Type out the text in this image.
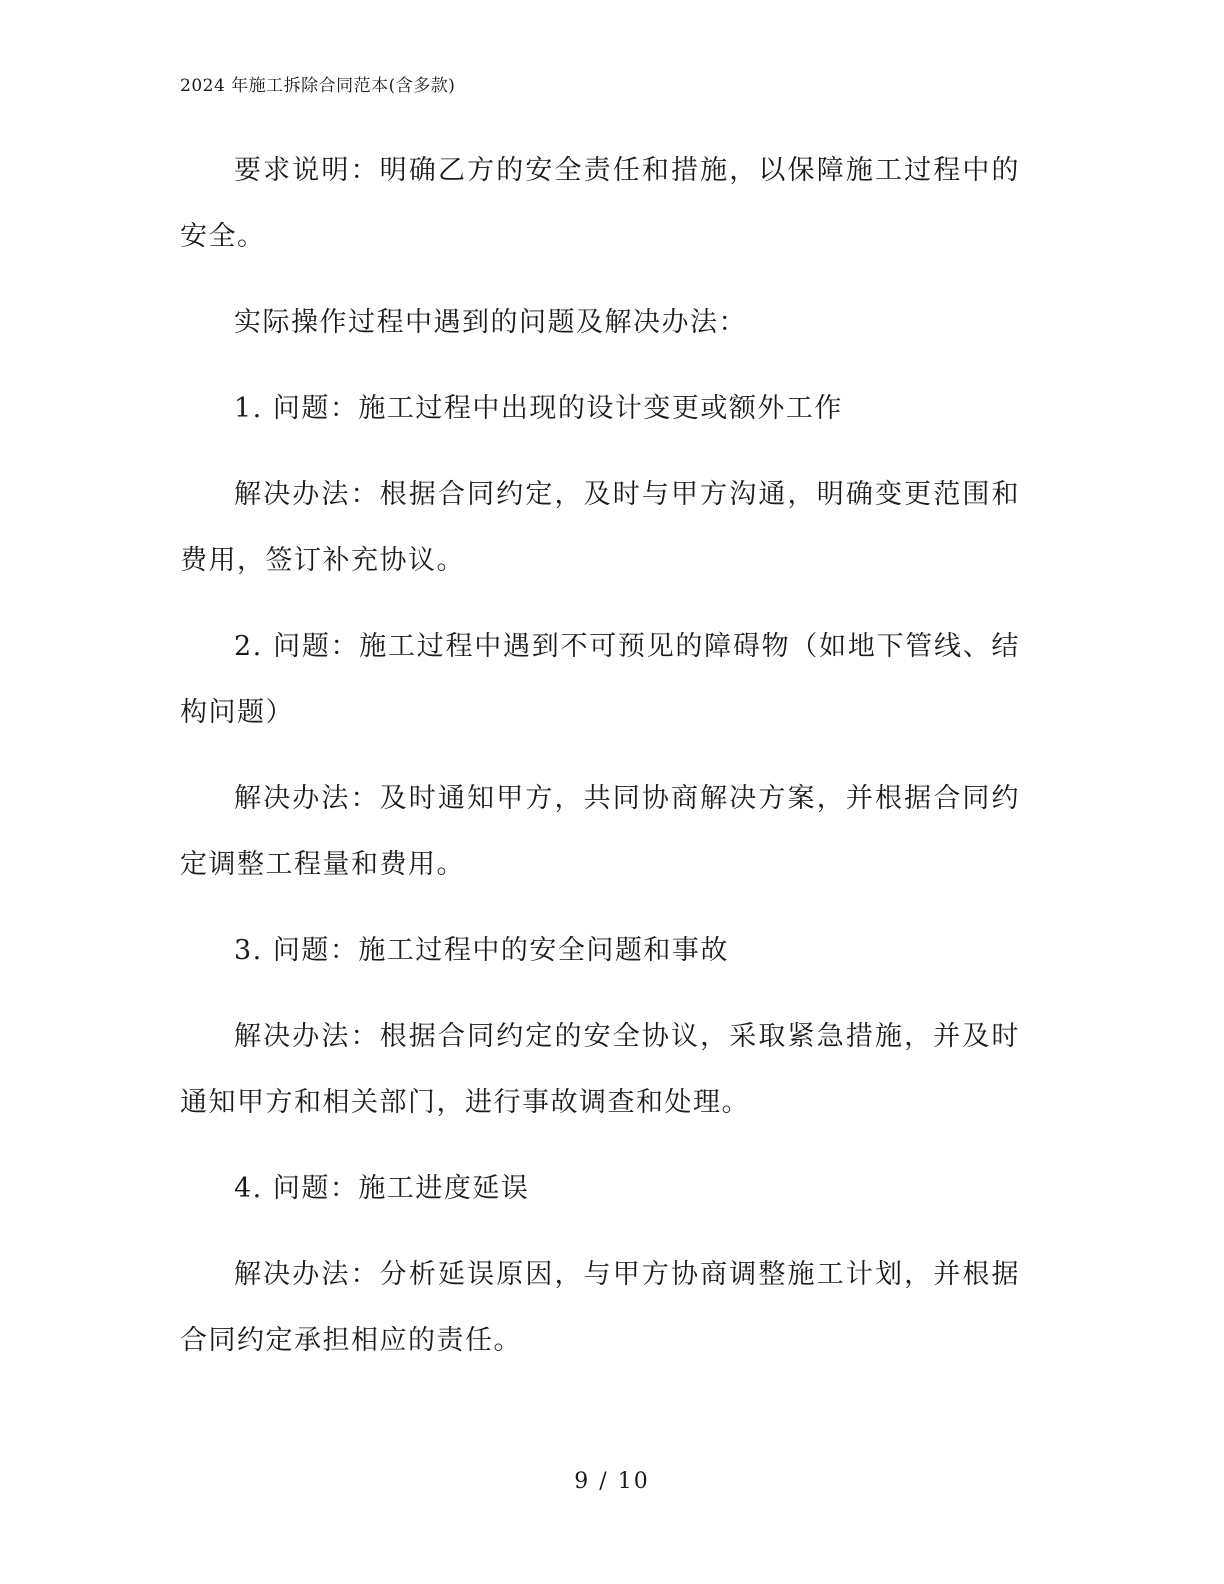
2024 年施工拆除合同范本(含多款)

要求说明：明确乙方的安全责任和措施，以保障施工过程中的安全。

实际操作过程中遇到的问题及解决办法：

1. 问题：施工过程中出现的设计变更或额外工作

解决办法：根据合同约定，及时与甲方沟通，明确变更范围和费用，签订补充协议。

2. 问题：施工过程中遇到不可预见的障碍物（如地下管线、结构问题）

解决办法：及时通知甲方，共同协商解决方案，并根据合同约定调整工程量和费用。

3. 问题：施工过程中的安全问题和事故

解决办法：根据合同约定的安全协议，采取紧急措施，并及时通知甲方和相关部门，进行事故调查和处理。

4. 问题：施工进度延误

解决办法：分析延误原因，与甲方协商调整施工计划，并根据合同约定承担相应的责任。

9 / 10
